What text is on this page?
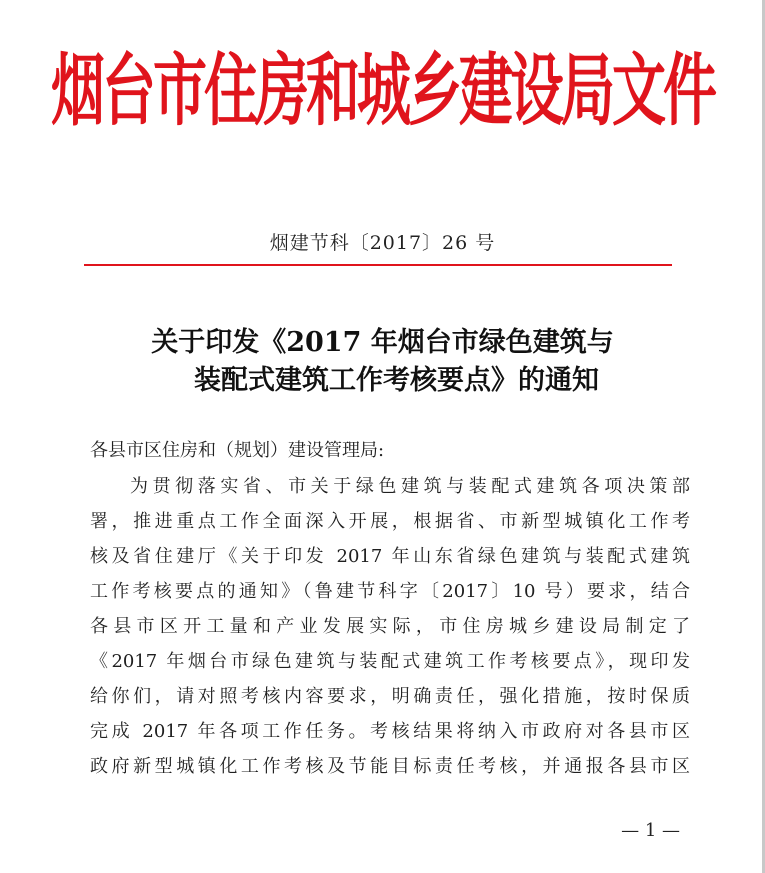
烟台市住房和城乡建设局文件
烟建节科〔2017〕26 号
关于印发《2017 年烟台市绿色建筑与
装配式建筑工作考核要点》的通知
各县市区住房和（规划）建设管理局:
为贯彻落实省、市关于绿色建筑与装配式建筑各项决策部
署，推进重点工作全面深入开展，根据省、市新型城镇化工作考
核及省住建厅《关于印发 2017 年山东省绿色建筑与装配式建筑
工作考核要点的通知》（鲁建节科字〔2017〕10 号）要求，结合
各县市区开工量和产业发展实际，市住房城乡建设局制定了
《2017 年烟台市绿色建筑与装配式建筑工作考核要点》，现印发
给你们，请对照考核内容要求，明确责任，强化措施，按时保质
完成 2017 年各项工作任务。考核结果将纳入市政府对各县市区
政府新型城镇化工作考核及节能目标责任考核，并通报各县市区
— 1 —
